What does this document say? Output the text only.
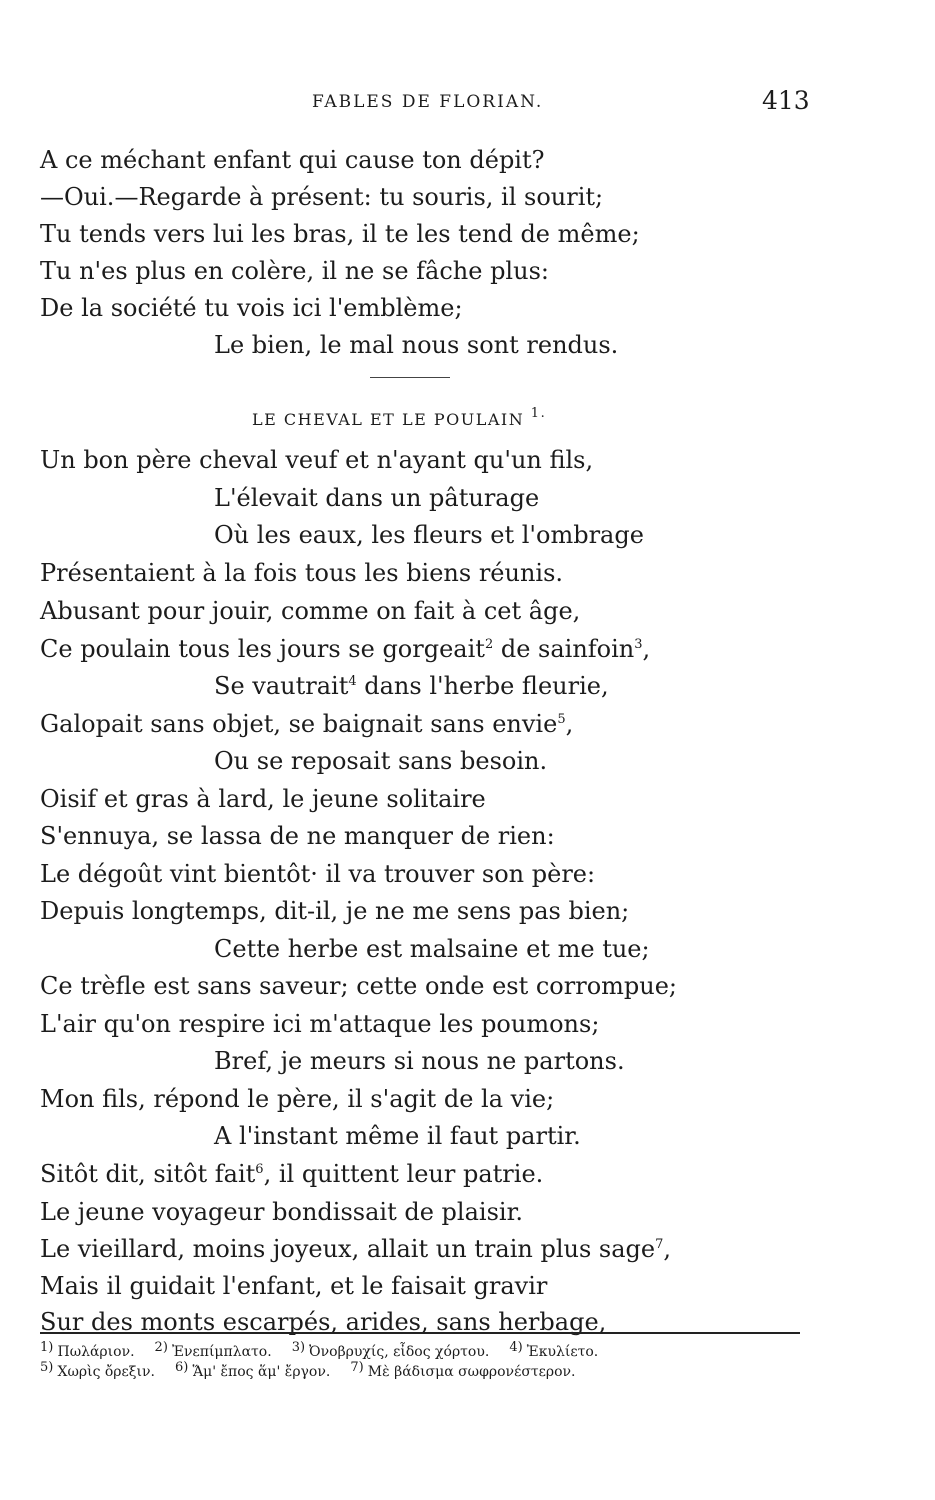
FABLES DE FLORIAN.	413
A ce méchant enfant qui cause ton dépit?
—Oui.—Regarde à présent: tu souris, il sourit;
Tu tends vers lui les bras, il te les tend de même;
Tu n'es plus en colère, il ne se fâche plus:
De la société tu vois ici l'emblème;
Le bien, le mal nous sont rendus.
LE CHEVAL ET LE POULAIN $^{1.}$
Un bon père cheval veuf et n'ayant qu'un fils,
L'élevait dans un pâturage
Où les eaux, les fleurs et l'ombrage
Présentaient à la fois tous les biens réunis.
Abusant pour jouir, comme on fait à cet âge,
Ce poulain tous les jours se gorgeait$^2$ de sainfoin$^3$,
Se vautrait$^4$ dans l'herbe fleurie,
Galopait sans objet, se baignait sans envie$^5$,
Ou se reposait sans besoin.
Oisif et gras à lard, le jeune solitaire
S'ennuya, se lassa de ne manquer de rien:
Le dégoût vint bientôt· il va trouver son père:
Depuis longtemps, dit-il, je ne me sens pas bien;
Cette herbe est malsaine et me tue;
Ce trèfle est sans saveur; cette onde est corrompue;
L'air qu'on respire ici m'attaque les poumons;
Bref, je meurs si nous ne partons.
Mon fils, répond le père, il s'agit de la vie;
A l'instant même il faut partir.
Sitôt dit, sitôt fait$^6$, il quittent leur patrie.
Le jeune voyageur bondissait de plaisir.
Le vieillard, moins joyeux, allait un train plus sage$^7$,
Mais il guidait l'enfant, et le faisait gravir
Sur des monts escarpés, arides, sans herbage,
$^{1)}$ Πωλάριον. $^{2)}$ Ἐνεπίμπλατο. $^{3)}$ Ὀνοβρυχίς, εἶδος χόρτου. $^{4)}$ Ἐκυλίετο.
$^{5)}$ Χωρὶς ὄρεξιν. $^{6)}$ Ἅμ' ἔπος ἅμ' ἔργον. $^{7)}$ Μὲ βάδισμα σωφρονέστερον.
